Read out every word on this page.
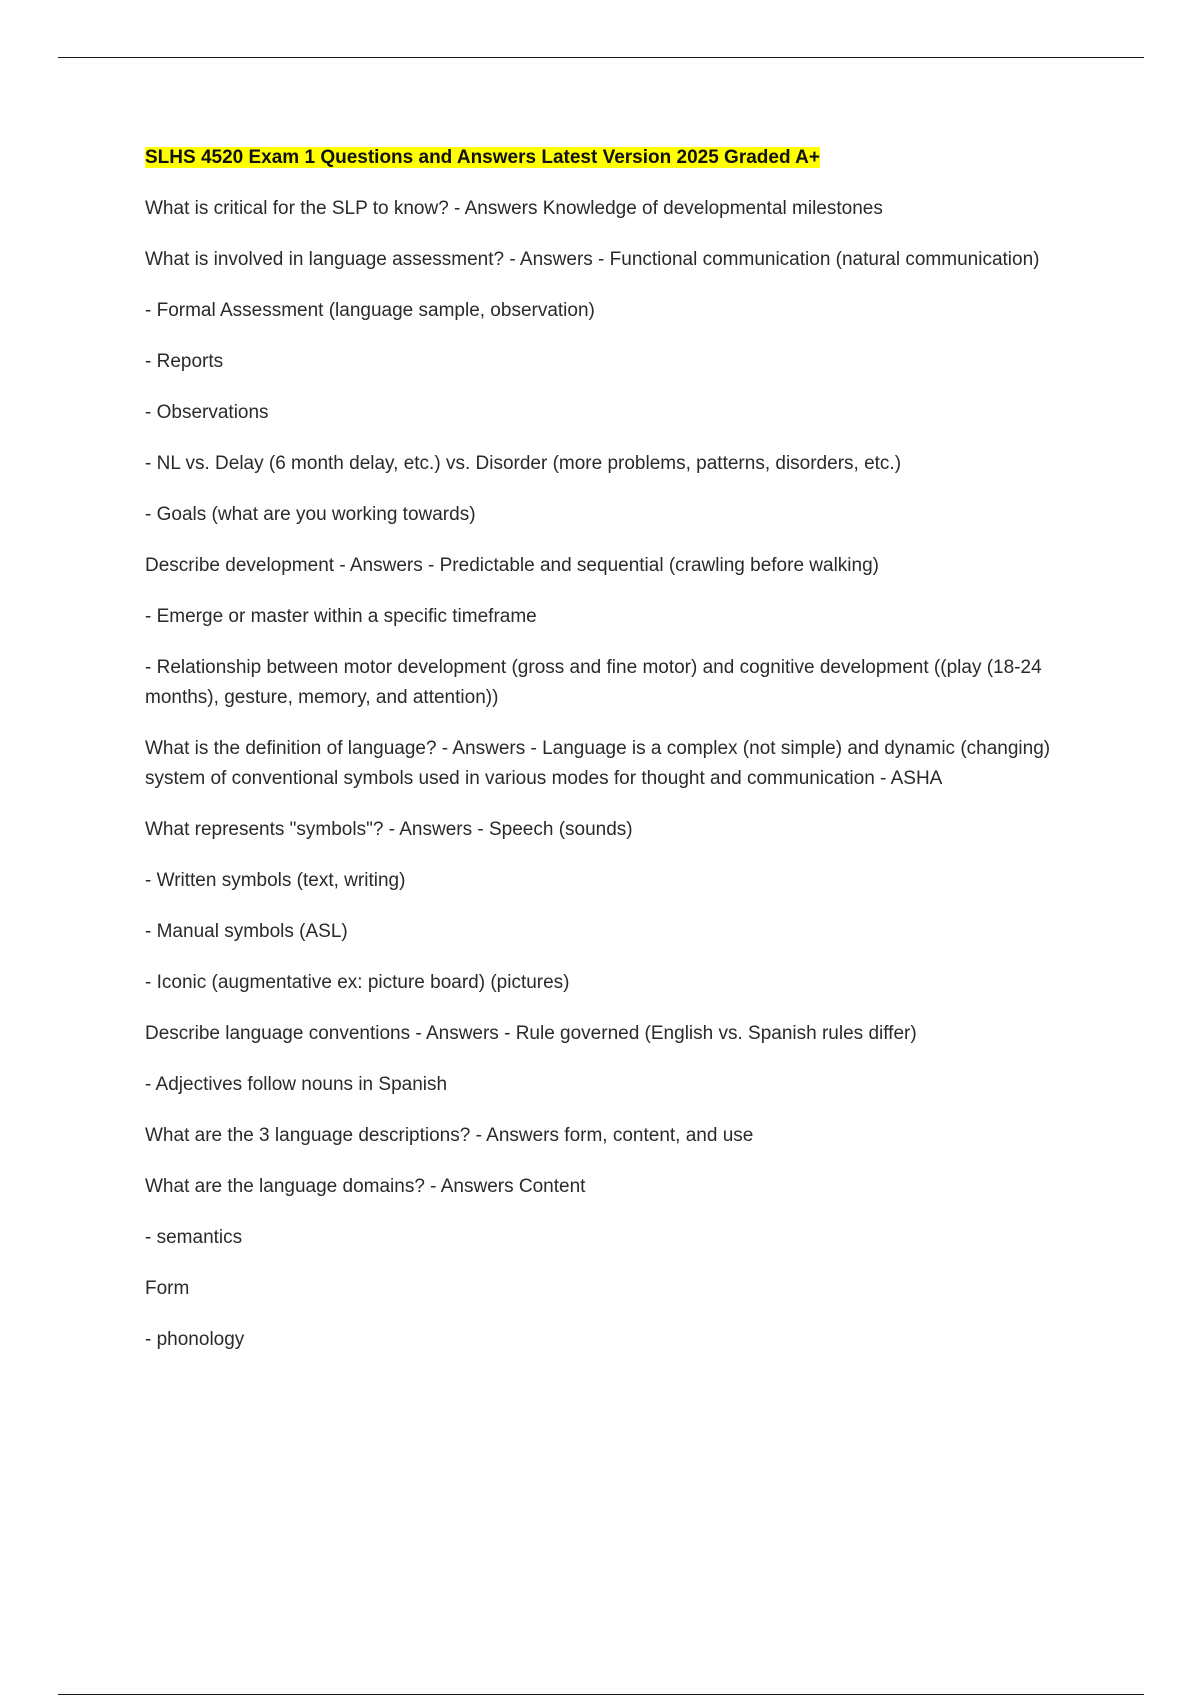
SLHS 4520 Exam 1 Questions and Answers Latest Version 2025 Graded A+

What is critical for the SLP to know? - Answers Knowledge of developmental milestones

What is involved in language assessment? - Answers - Functional communication (natural communication)

- Formal Assessment (language sample, observation)

- Reports

- Observations

- NL vs. Delay (6 month delay, etc.) vs. Disorder (more problems, patterns, disorders, etc.)

- Goals (what are you working towards)

Describe development - Answers - Predictable and sequential (crawling before walking)

- Emerge or master within a specific timeframe

- Relationship between motor development (gross and fine motor) and cognitive development ((play (18-24 months), gesture, memory, and attention))

What is the definition of language? - Answers - Language is a complex (not simple) and dynamic (changing) system of conventional symbols used in various modes for thought and communication - ASHA

What represents "symbols"? - Answers - Speech (sounds)

- Written symbols (text, writing)

- Manual symbols (ASL)

- Iconic (augmentative ex: picture board) (pictures)

Describe language conventions - Answers - Rule governed (English vs. Spanish rules differ)

- Adjectives follow nouns in Spanish

What are the 3 language descriptions? - Answers form, content, and use

What are the language domains? - Answers Content

- semantics

Form

- phonology
